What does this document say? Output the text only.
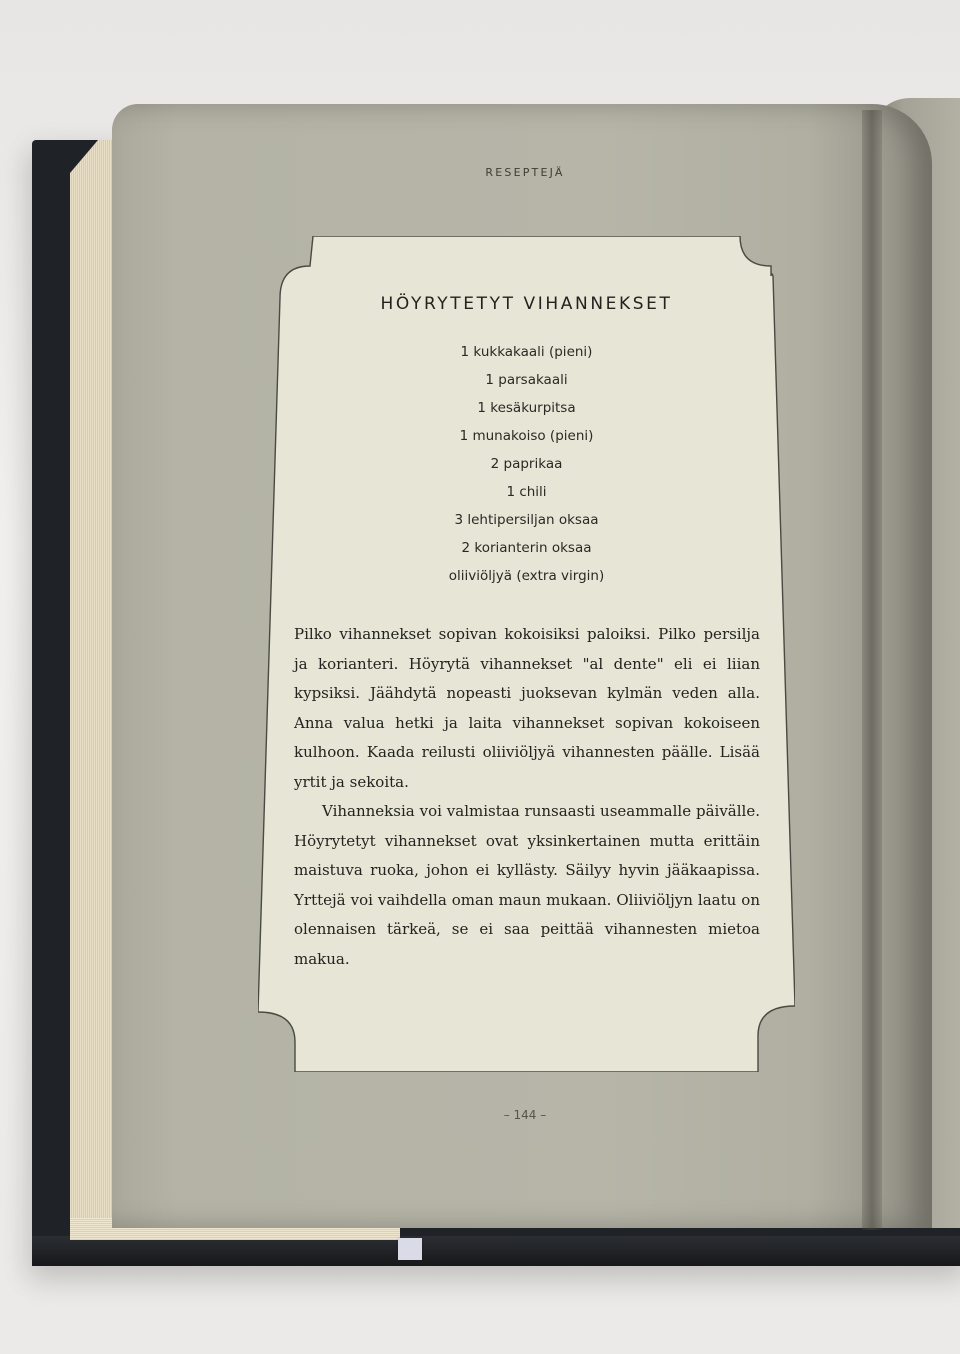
RESEPTEJÄ
HÖYRYTETYT VIHANNEKSET
1 kukkakaali (pieni)
1 parsakaali
1 kesäkurpitsa
1 munakoiso (pieni)
2 paprikaa
1 chili
3 lehtipersiljan oksaa
2 korianterin oksaa
oliiviöljyä (extra virgin)

Pilko vihannekset sopivan kokoisiksi paloiksi. Pilko persilja ja korianteri. Höyrytä vihannekset "al dente" eli ei liian kypsiksi. Jäähdytä nopeasti juoksevan kylmän veden alla. Anna valua hetki ja laita vihannekset sopivan kokoiseen kulhoon. Kaada reilusti oliiviöljyä vihannesten päälle. Lisää yrtit ja sekoita.

Vihanneksia voi valmistaa runsaasti useammalle päivälle. Höyrytetyt vihannekset ovat yksinkertainen mutta erittäin maistuva ruoka, johon ei kyllästy. Säilyy hyvin jääkaapissa. Yrttejä voi vaihdella oman maun mukaan. Oliiviöljyn laatu on olennaisen tärkeä, se ei saa peittää vihannesten mietoa makua.

– 144 –
